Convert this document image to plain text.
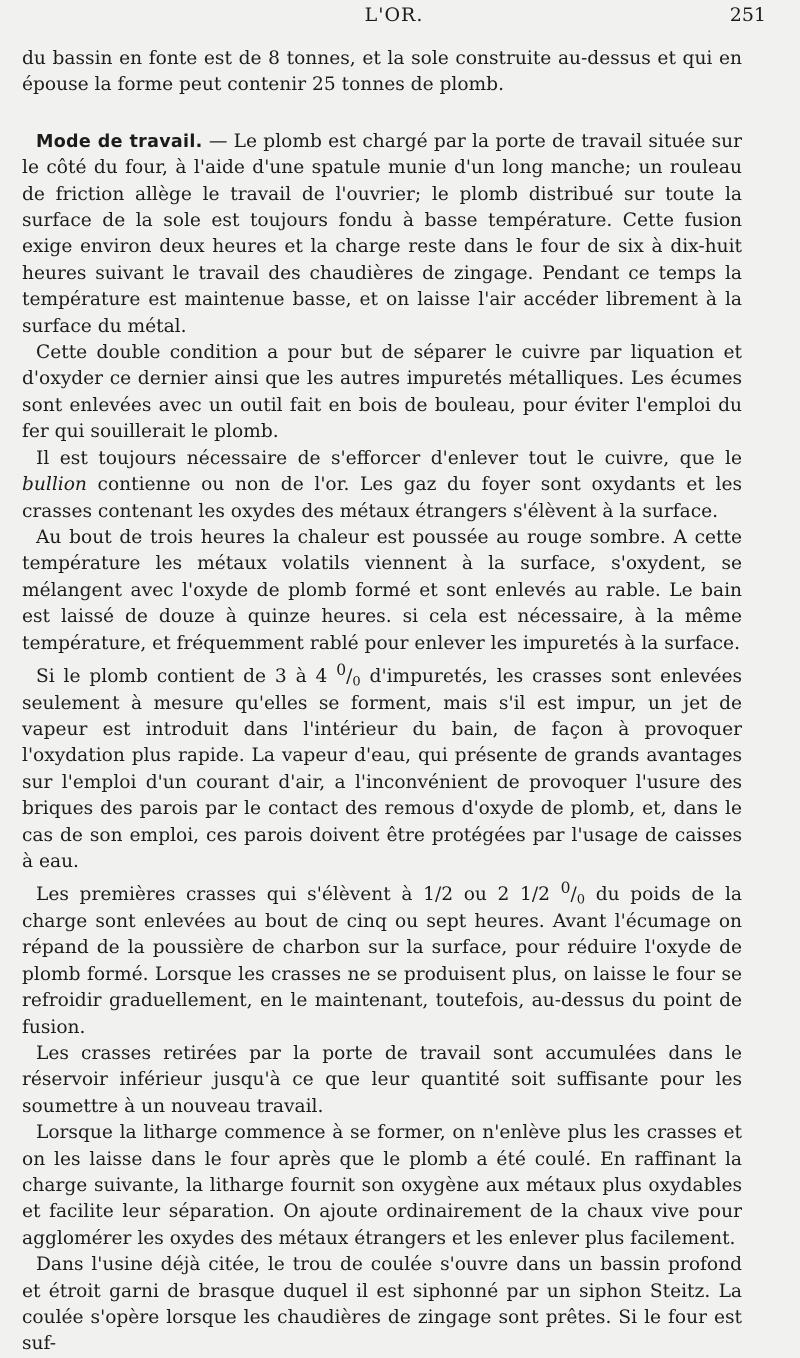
L'OR.	251

du bassin en fonte est de 8 tonnes, et la sole construite au-dessus et qui en épouse la forme peut contenir 25 tonnes de plomb.

Mode de travail. — Le plomb est chargé par la porte de travail située sur le côté du four, à l'aide d'une spatule munie d'un long manche; un rouleau de friction allège le travail de l'ouvrier; le plomb distribué sur toute la surface de la sole est toujours fondu à basse température. Cette fusion exige environ deux heures et la charge reste dans le four de six à dix-huit heures suivant le travail des chaudières de zingage. Pendant ce temps la température est maintenue basse, et on laisse l'air accéder librement à la surface du métal.

Cette double condition a pour but de séparer le cuivre par liquation et d'oxyder ce dernier ainsi que les autres impuretés métalliques. Les écumes sont enlevées avec un outil fait en bois de bouleau, pour éviter l'emploi du fer qui souillerait le plomb.

Il est toujours nécessaire de s'efforcer d'enlever tout le cuivre, que le bullion contienne ou non de l'or. Les gaz du foyer sont oxydants et les crasses contenant les oxydes des métaux étrangers s'élèvent à la surface.

Au bout de trois heures la chaleur est poussée au rouge sombre. A cette température les métaux volatils viennent à la surface, s'oxydent, se mélangent avec l'oxyde de plomb formé et sont enlevés au rable. Le bain est laissé de douze à quinze heures. si cela est nécessaire, à la même température, et fréquemment rablé pour enlever les impuretés à la surface.

Si le plomb contient de 3 à 4 $^0/_0$ d'impuretés, les crasses sont enlevées seulement à mesure qu'elles se forment, mais s'il est impur, un jet de vapeur est introduit dans l'intérieur du bain, de façon à provoquer l'oxydation plus rapide. La vapeur d'eau, qui présente de grands avantages sur l'emploi d'un courant d'air, a l'inconvénient de provoquer l'usure des briques des parois par le contact des remous d'oxyde de plomb, et, dans le cas de son emploi, ces parois doivent être protégées par l'usage de caisses à eau.

Les premières crasses qui s'élèvent à 1/2 ou 2 1/2 $^0/_0$ du poids de la charge sont enlevées au bout de cinq ou sept heures. Avant l'écumage on répand de la poussière de charbon sur la surface, pour réduire l'oxyde de plomb formé. Lorsque les crasses ne se produisent plus, on laisse le four se refroidir graduellement, en le maintenant, toutefois, au-dessus du point de fusion.

Les crasses retirées par la porte de travail sont accumulées dans le réservoir inférieur jusqu'à ce que leur quantité soit suffisante pour les soumettre à un nouveau travail.

Lorsque la litharge commence à se former, on n'enlève plus les crasses et on les laisse dans le four après que le plomb a été coulé. En raffinant la charge suivante, la litharge fournit son oxygène aux métaux plus oxydables et facilite leur séparation. On ajoute ordinairement de la chaux vive pour agglomérer les oxydes des métaux étrangers et les enlever plus facilement.

Dans l'usine déjà citée, le trou de coulée s'ouvre dans un bassin profond et étroit garni de brasque duquel il est siphonné par un siphon Steitz. La coulée s'opère lorsque les chaudières de zingage sont prêtes. Si le four est suf-
